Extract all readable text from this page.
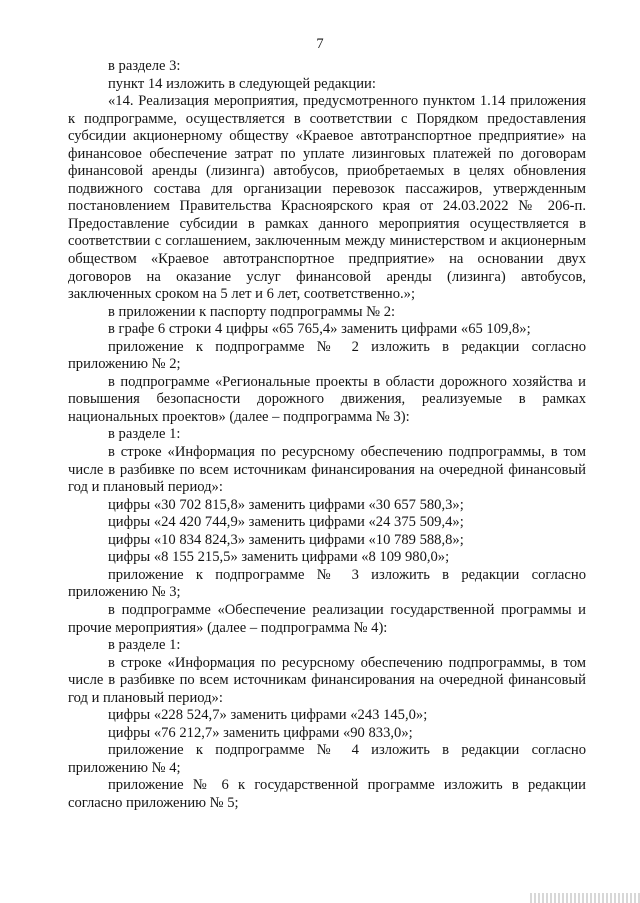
7

в разделе 3:

пункт 14 изложить в следующей редакции:

«14. Реализация мероприятия, предусмотренного пунктом 1.14 приложения к подпрограмме, осуществляется в соответствии с Порядком предоставления субсидии акционерному обществу «Краевое автотранспортное предприятие» на финансовое обеспечение затрат по уплате лизинговых платежей по договорам финансовой аренды (лизинга) автобусов, приобретаемых в целях обновления подвижного состава для организации перевозок пассажиров, утвержденным постановлением Правительства Красноярского края от 24.03.2022 № 206-п. Предоставление субсидии в рамках данного мероприятия осуществляется в соответствии с соглашением, заключенным между министерством и акционерным обществом «Краевое автотранспортное предприятие» на основании двух договоров на оказание услуг финансовой аренды (лизинга) автобусов, заключенных сроком на 5 лет и 6 лет, соответственно.»;

в приложении к паспорту подпрограммы № 2:

в графе 6 строки 4 цифры «65 765,4» заменить цифрами «65 109,8»;

приложение к подпрограмме № 2 изложить в редакции согласно приложению № 2;

в подпрограмме «Региональные проекты в области дорожного хозяйства и повышения безопасности дорожного движения, реализуемые в рамках национальных проектов» (далее – подпрограмма № 3):

в разделе 1:

в строке «Информация по ресурсному обеспечению подпрограммы, в том числе в разбивке по всем источникам финансирования на очередной финансовый год и плановый период»:

цифры «30 702 815,8» заменить цифрами «30 657 580,3»;

цифры «24 420 744,9» заменить цифрами «24 375 509,4»;

цифры «10 834 824,3» заменить цифрами «10 789 588,8»;

цифры «8 155 215,5» заменить цифрами «8 109 980,0»;

приложение к подпрограмме № 3 изложить в редакции согласно приложению № 3;

в подпрограмме «Обеспечение реализации государственной программы и прочие мероприятия» (далее – подпрограмма № 4):

в разделе 1:

в строке «Информация по ресурсному обеспечению подпрограммы, в том числе в разбивке по всем источникам финансирования на очередной финансовый год и плановый период»:

цифры «228 524,7» заменить цифрами «243 145,0»;

цифры «76 212,7» заменить цифрами «90 833,0»;

приложение к подпрограмме № 4 изложить в редакции согласно приложению № 4;

приложение № 6 к государственной программе изложить в редакции согласно приложению № 5;
